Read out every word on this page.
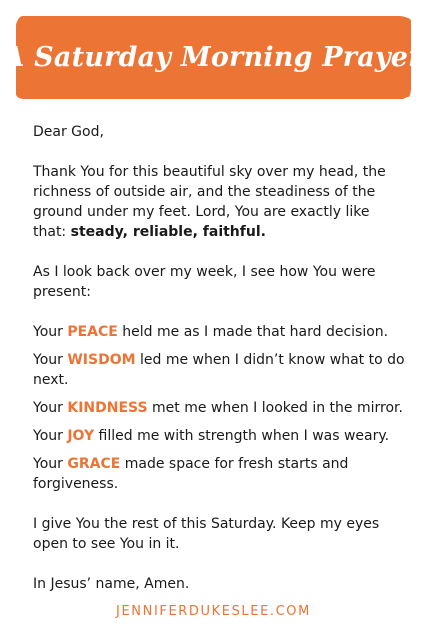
A Saturday Morning Prayer

Dear God,

Thank You for this beautiful sky over my head, the richness of outside air, and the steadiness of the ground under my feet. Lord, You are exactly like that: steady, reliable, faithful.

As I look back over my week, I see how You were present:

Your PEACE held me as I made that hard decision.

Your WISDOM led me when I didn’t know what to do next.

Your KINDNESS met me when I looked in the mirror.

Your JOY filled me with strength when I was weary.

Your GRACE made space for fresh starts and forgiveness.

I give You the rest of this Saturday. Keep my eyes open to see You in it.

In Jesus’ name, Amen.

JENNIFERDUKESLEE.COM
